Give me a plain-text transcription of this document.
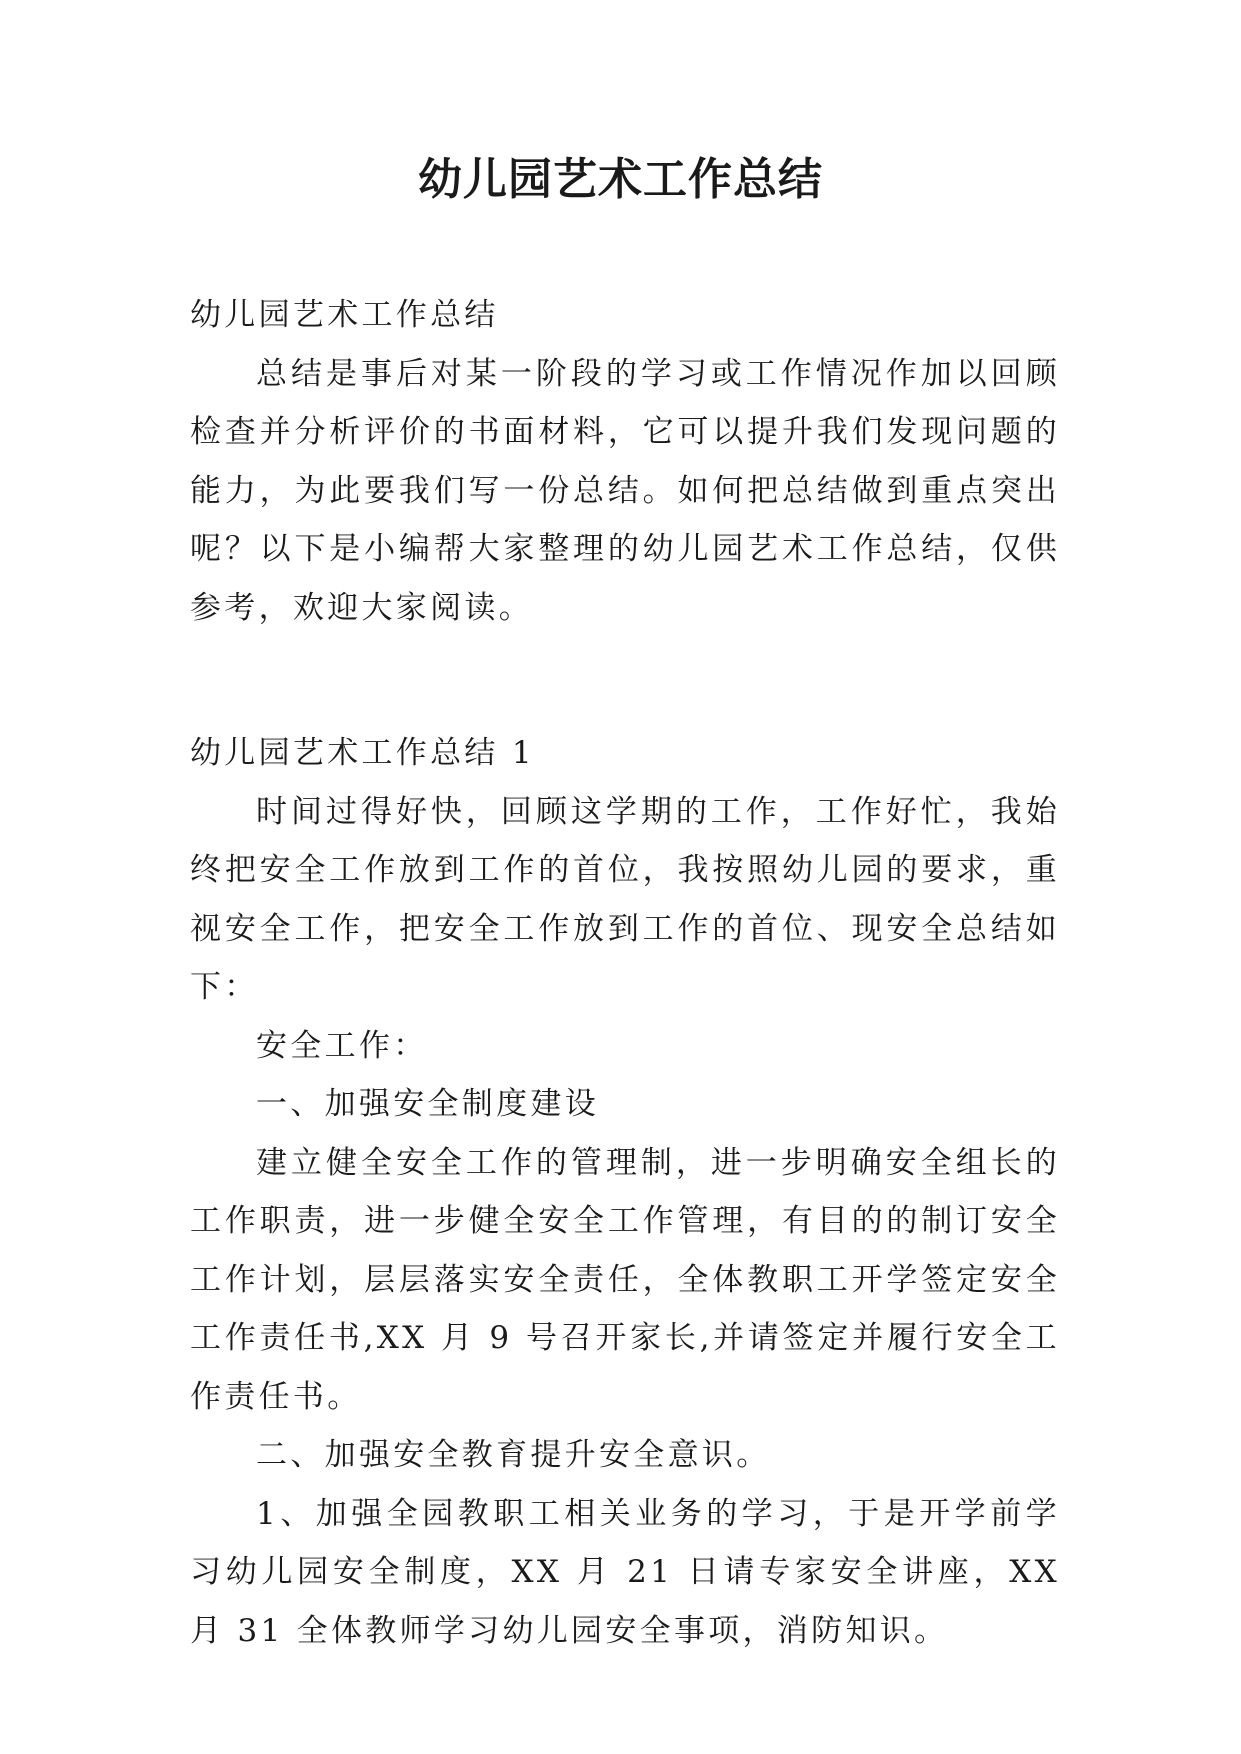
幼儿园艺术工作总结

幼儿园艺术工作总结

总结是事后对某一阶段的学习或工作情况作加以回顾检查并分析评价的书面材料，它可以提升我们发现问题的能力，为此要我们写一份总结。如何把总结做到重点突出呢？以下是小编帮大家整理的幼儿园艺术工作总结，仅供参考，欢迎大家阅读。

幼儿园艺术工作总结 1

时间过得好快，回顾这学期的工作，工作好忙，我始终把安全工作放到工作的首位，我按照幼儿园的要求，重视安全工作，把安全工作放到工作的首位、现安全总结如下：

安全工作：

一、加强安全制度建设

建立健全安全工作的管理制，进一步明确安全组长的工作职责，进一步健全安全工作管理，有目的的制订安全工作计划，层层落实安全责任，全体教职工开学签定安全工作责任书,XX 月 9 号召开家长,并请签定并履行安全工作责任书。

二、加强安全教育提升安全意识。

1、加强全园教职工相关业务的学习，于是开学前学习幼儿园安全制度，XX 月 21 日请专家安全讲座，XX 月 31 全体教师学习幼儿园安全事项，消防知识。
